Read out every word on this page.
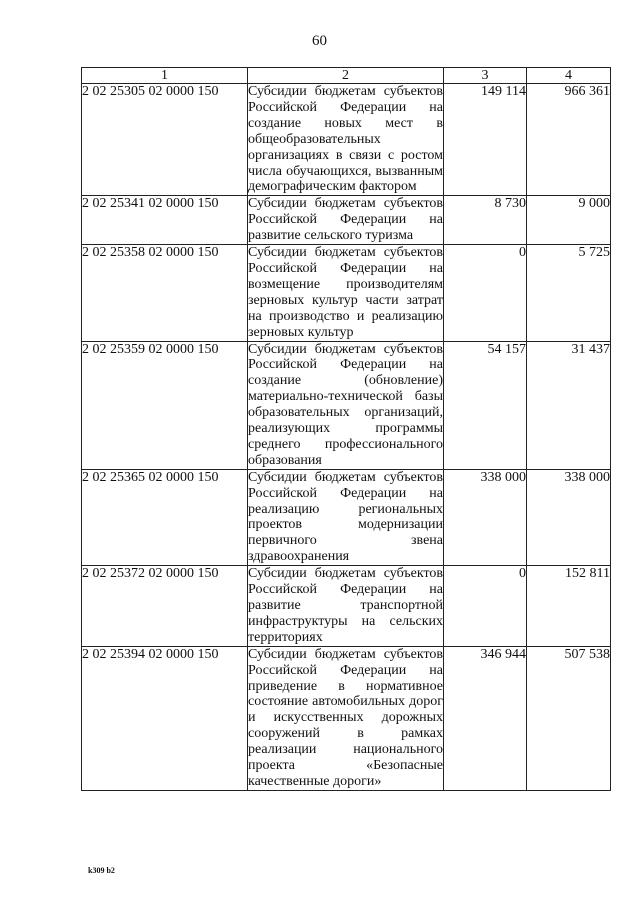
60
1	2	3	4
2 02 25305 02 0000 150	Субсидии бюджетам субъектов Российской Федерации на создание новых мест в общеобразовательных организациях в связи с ростом числа обучающихся, вызванным демографическим фактором	149 114	966 361
2 02 25341 02 0000 150	Субсидии бюджетам субъектов Российской Федерации на развитие сельского туризма	8 730	9 000
2 02 25358 02 0000 150	Субсидии бюджетам субъектов Российской Федерации на возмещение производителям зерновых культур части затрат на производство и реализацию зерновых культур	0	5 725
2 02 25359 02 0000 150	Субсидии бюджетам субъектов Российской Федерации на создание (обновление) материально-технической базы образовательных организаций, реализующих программы среднего профессионального образования	54 157	31 437
2 02 25365 02 0000 150	Субсидии бюджетам субъектов Российской Федерации на реализацию региональных проектов модернизации первичного звена здравоохранения	338 000	338 000
2 02 25372 02 0000 150	Субсидии бюджетам субъектов Российской Федерации на развитие транспортной инфраструктуры на сельских территориях	0	152 811
2 02 25394 02 0000 150	Субсидии бюджетам субъектов Российской Федерации на приведение в нормативное состояние автомобильных дорог и искусственных дорожных сооружений в рамках реализации национального проекта «Безопасные качественные дороги»	346 944	507 538
k309 b2
